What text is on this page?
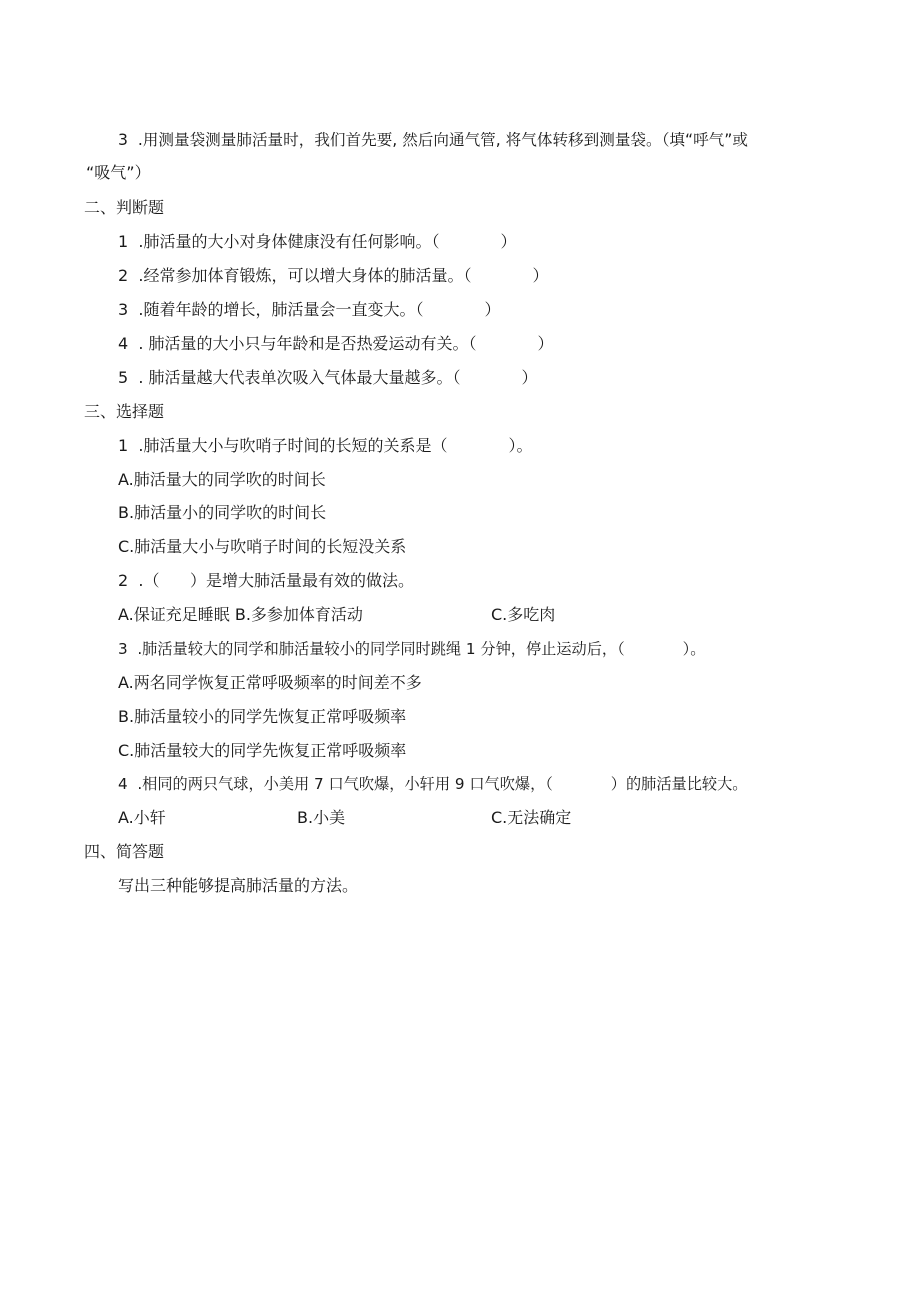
3  .用测量袋测量肺活量时，我们首先要, 然后向通气管, 将气体转移到测量袋。（填“呼气”或
“吸气”）
二、判断题
1  .肺活量的大小对身体健康没有任何影响。（            ）
2  .经常参加体育锻炼，可以增大身体的肺活量。（            ）
3  .随着年龄的增长，肺活量会一直变大。（            ）
4  . 肺活量的大小只与年龄和是否热爱运动有关。（            ）
5  . 肺活量越大代表单次吸入气体最大量越多。（            ）
三、选择题
1  .肺活量大小与吹哨子时间的长短的关系是（            ）。
A.肺活量大的同学吹的时间长
B.肺活量小的同学吹的时间长
C.肺活量大小与吹哨子时间的长短没关系
2  .（      ）是增大肺活量最有效的做法。
A.保证充足睡眠 B.多参加体育活动	C.多吃肉
3  .肺活量较大的同学和肺活量较小的同学同时跳绳 1 分钟，停止运动后，（            ）。
A.两名同学恢复正常呼吸频率的时间差不多
B.肺活量较小的同学先恢复正常呼吸频率
C.肺活量较大的同学先恢复正常呼吸频率
4  .相同的两只气球，小美用 7 口气吹爆，小轩用 9 口气吹爆，（            ）的肺活量比较大。
A.小轩	B.小美	C.无法确定
四、简答题
写出三种能够提高肺活量的方法。
